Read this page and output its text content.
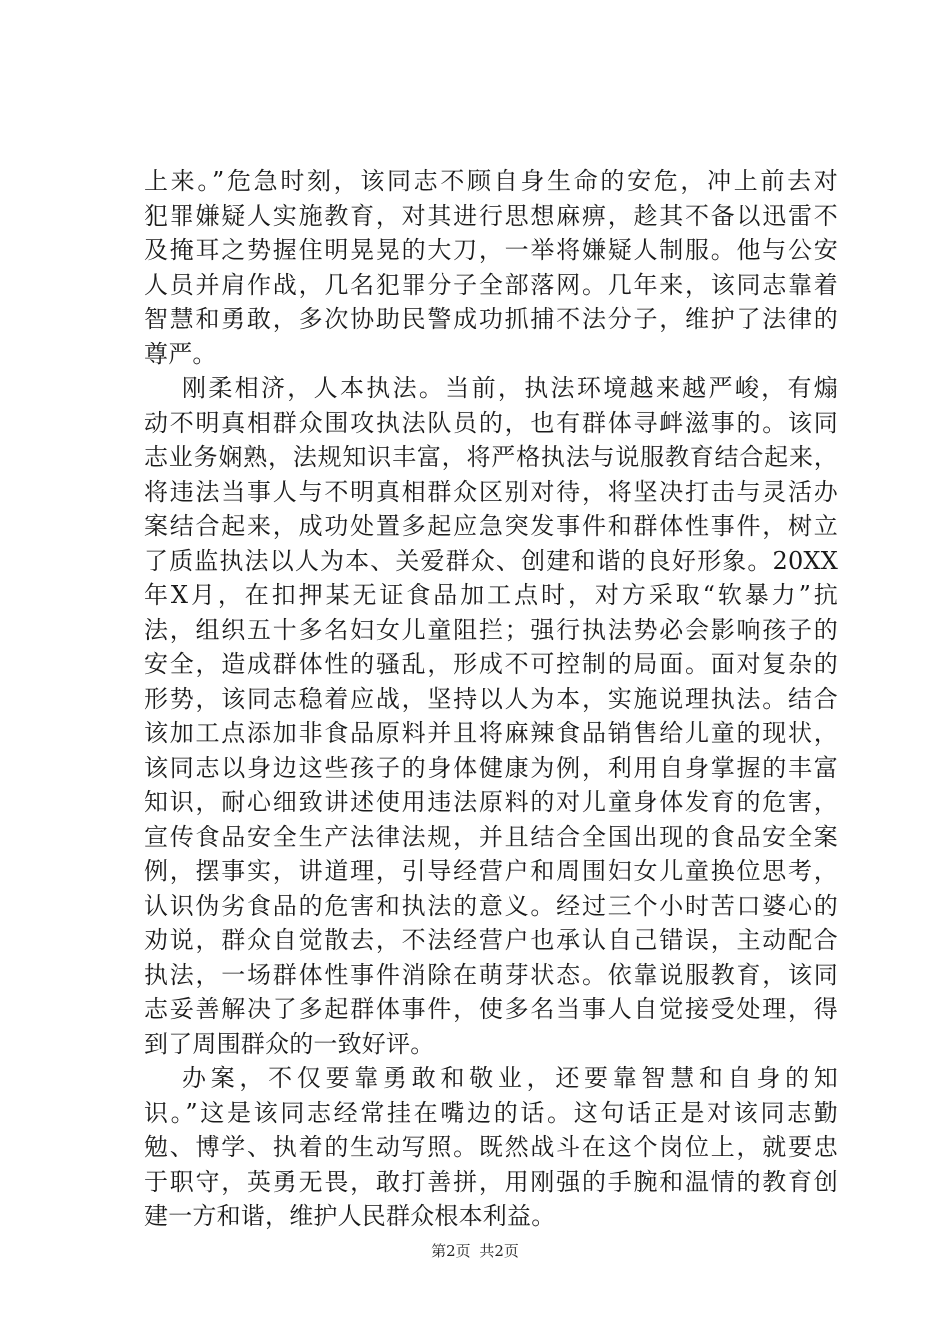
上来。”危急时刻，该同志不顾自身生命的安危，冲上前去对
犯罪嫌疑人实施教育，对其进行思想麻痹，趁其不备以迅雷不
及掩耳之势握住明晃晃的大刀，一举将嫌疑人制服。他与公安
人员并肩作战，几名犯罪分子全部落网。几年来，该同志靠着
智慧和勇敢，多次协助民警成功抓捕不法分子，维护了法律的
尊严。
刚柔相济，人本执法。当前，执法环境越来越严峻，有煽
动不明真相群众围攻执法队员的，也有群体寻衅滋事的。该同
志业务娴熟，法规知识丰富，将严格执法与说服教育结合起来，
将违法当事人与不明真相群众区别对待，将坚决打击与灵活办
案结合起来，成功处置多起应急突发事件和群体性事件，树立
了质监执法以人为本、关爱群众、创建和谐的良好形象。20XX
年X月，在扣押某无证食品加工点时，对方采取“软暴力”抗
法，组织五十多名妇女儿童阻拦；强行执法势必会影响孩子的
安全，造成群体性的骚乱，形成不可控制的局面。面对复杂的
形势，该同志稳着应战，坚持以人为本，实施说理执法。结合
该加工点添加非食品原料并且将麻辣食品销售给儿童的现状，
该同志以身边这些孩子的身体健康为例，利用自身掌握的丰富
知识，耐心细致讲述使用违法原料的对儿童身体发育的危害，
宣传食品安全生产法律法规，并且结合全国出现的食品安全案
例，摆事实，讲道理，引导经营户和周围妇女儿童换位思考，
认识伪劣食品的危害和执法的意义。经过三个小时苦口婆心的
劝说，群众自觉散去，不法经营户也承认自己错误，主动配合
执法，一场群体性事件消除在萌芽状态。依靠说服教育，该同
志妥善解决了多起群体事件，使多名当事人自觉接受处理，得
到了周围群众的一致好评。
办案，不仅要靠勇敢和敬业，还要靠智慧和自身的知
识。”这是该同志经常挂在嘴边的话。这句话正是对该同志勤
勉、博学、执着的生动写照。既然战斗在这个岗位上，就要忠
于职守，英勇无畏，敢打善拼，用刚强的手腕和温情的教育创
建一方和谐，维护人民群众根本利益。
第2页 共2页
